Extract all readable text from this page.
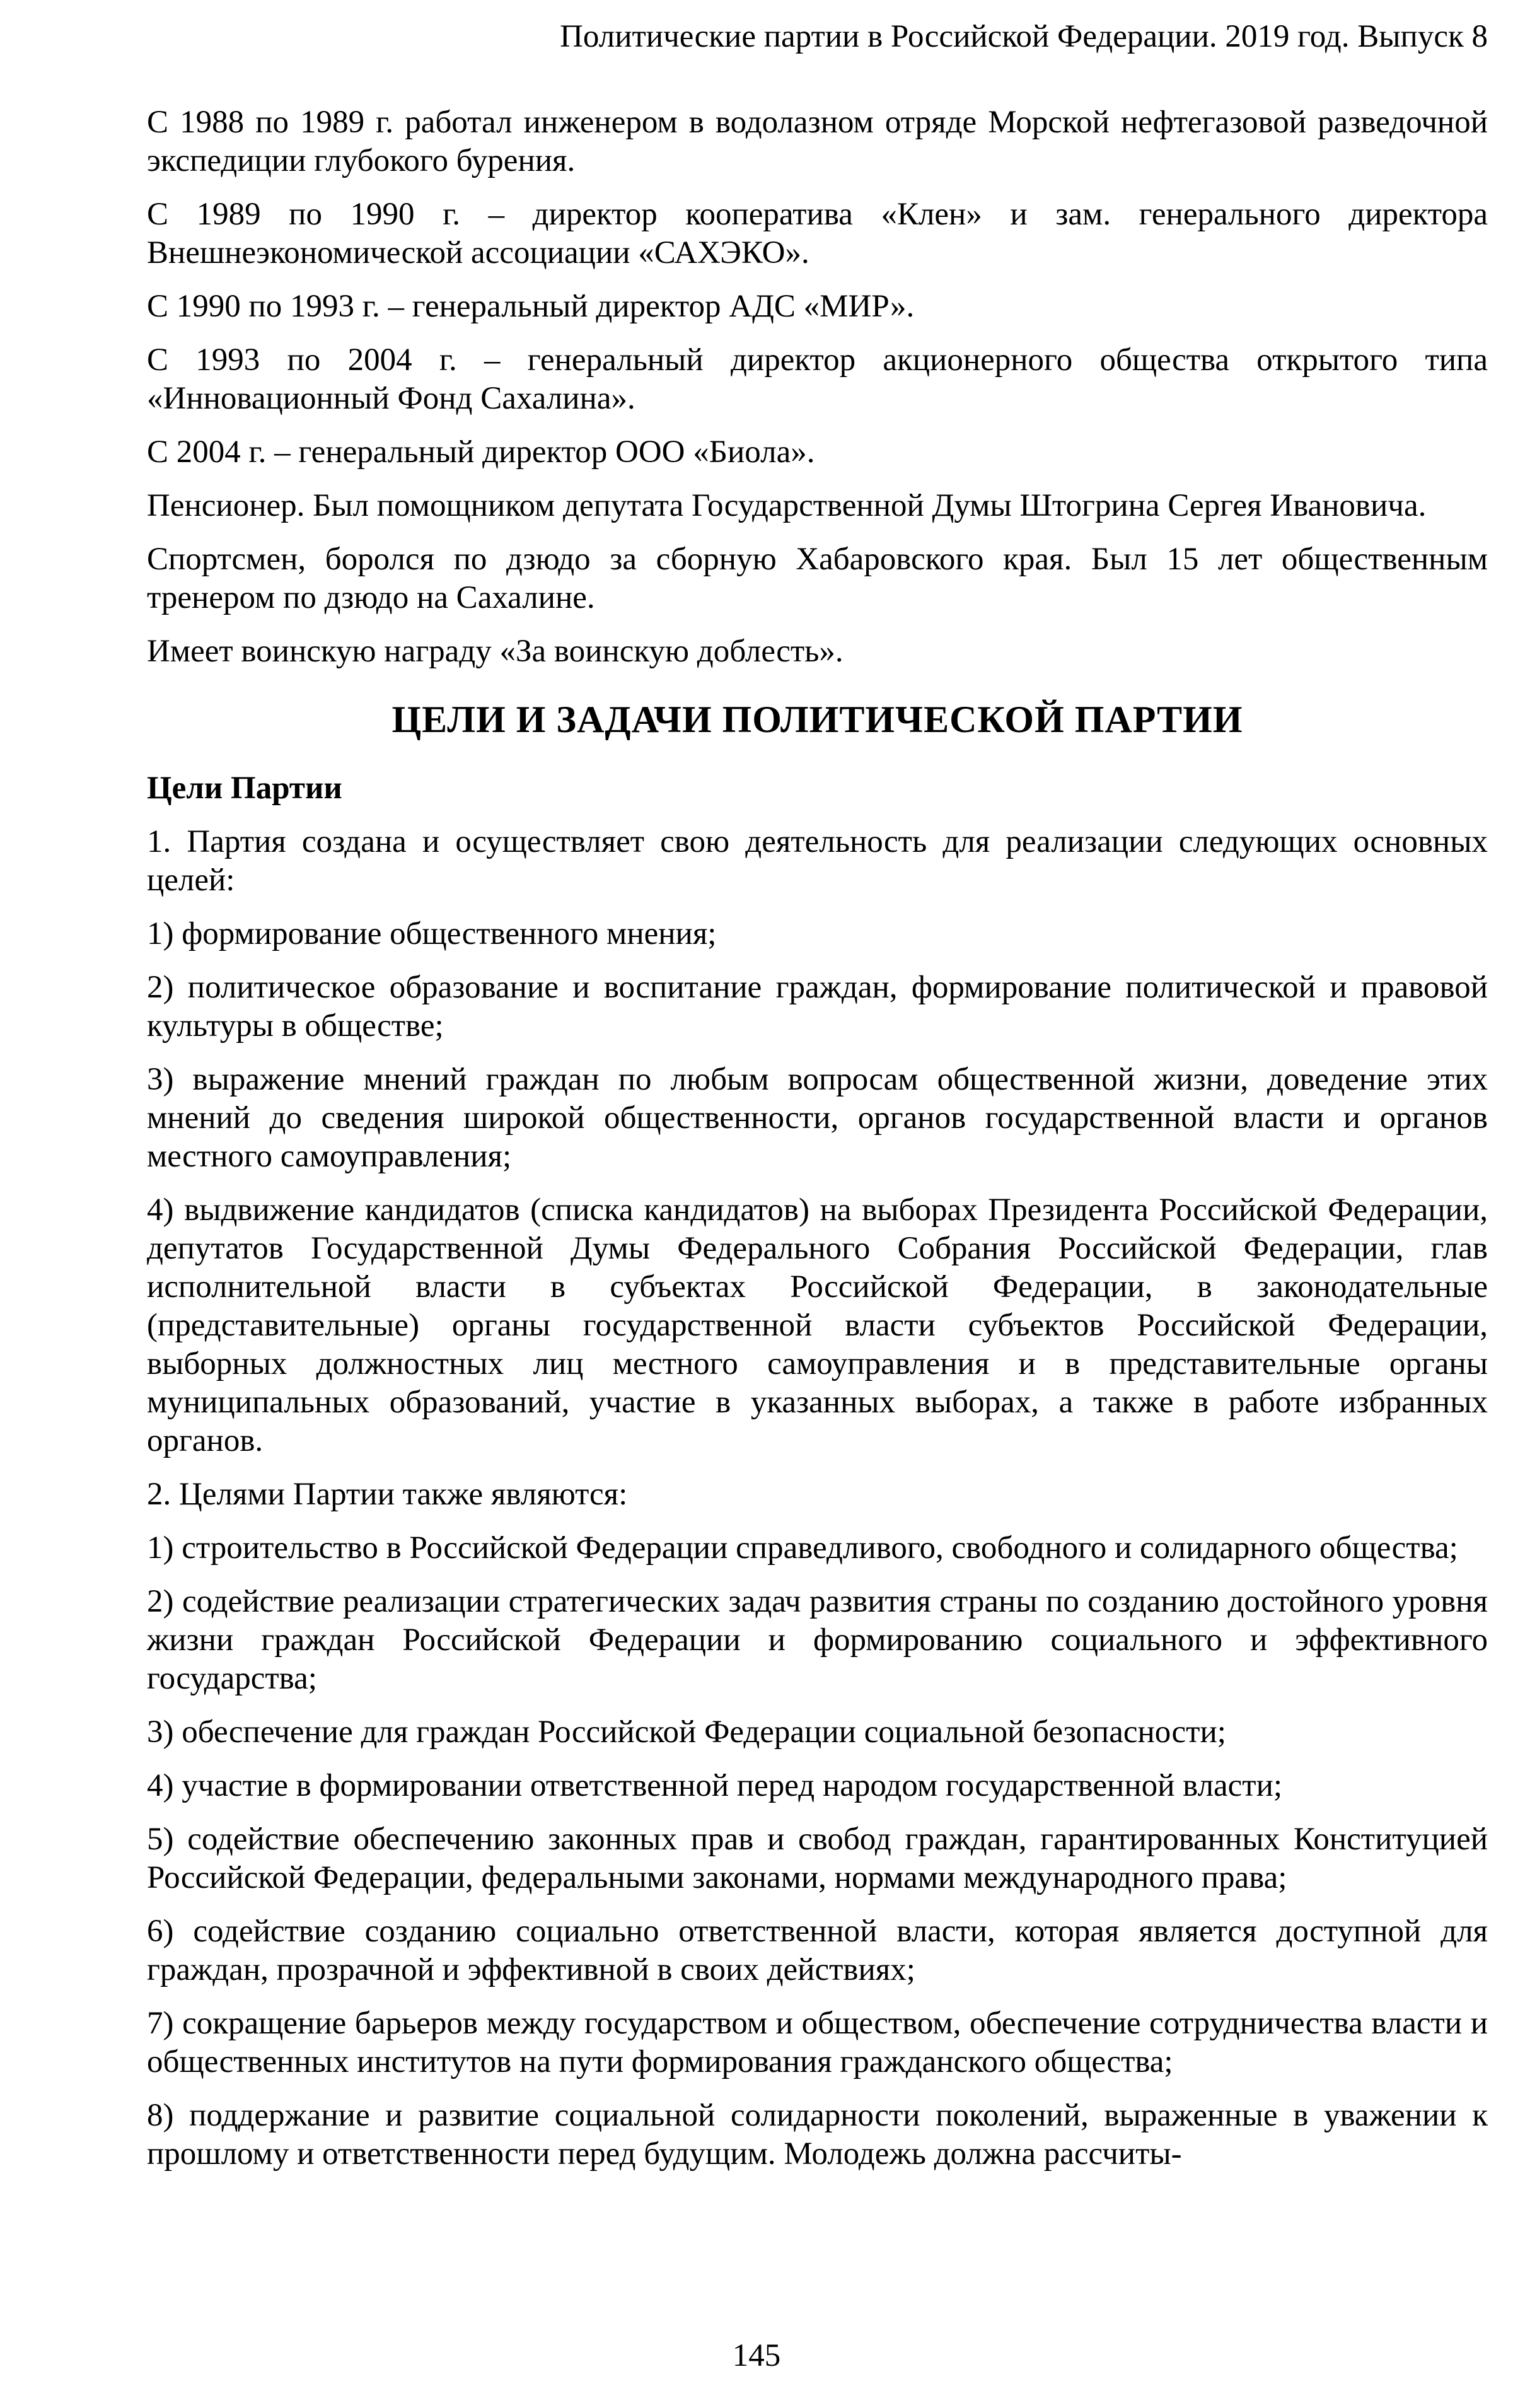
Политические партии в Российской Федерации. 2019 год. Выпуск 8

С 1988 по 1989 г. работал инженером в водолазном отряде Морской нефтегазовой разведочной экспедиции глубокого бурения.

С 1989 по 1990 г. – директор кооператива «Клен» и зам. генерального директора Внешнеэкономической ассоциации «САХЭКО».

С 1990 по 1993 г. – генеральный директор АДС «МИР».

С 1993 по 2004 г. – генеральный директор акционерного общества открытого типа «Инновационный Фонд Сахалина».

С 2004 г. – генеральный директор ООО «Биола».

Пенсионер. Был помощником депутата Государственной Думы Штогрина Сергея Ивановича.

Спортсмен, боролся по дзюдо за сборную Хабаровского края. Был 15 лет общественным тренером по дзюдо на Сахалине.

Имеет воинскую награду «За воинскую доблесть».

ЦЕЛИ И ЗАДАЧИ ПОЛИТИЧЕСКОЙ ПАРТИИ
Цели Партии

1. Партия создана и осуществляет свою деятельность для реализации следующих основных целей:

1) формирование общественного мнения;

2) политическое образование и воспитание граждан, формирование политической и правовой культуры в обществе;

3) выражение мнений граждан по любым вопросам общественной жизни, доведение этих мнений до сведения широкой общественности, органов государственной власти и органов местного самоуправления;

4) выдвижение кандидатов (списка кандидатов) на выборах Президента Российской Федерации, депутатов Государственной Думы Федерального Собрания Российской Федерации, глав исполнительной власти в субъектах Российской Федерации, в законодательные (представительные) органы государственной власти субъектов Российской Федерации, выборных должностных лиц местного самоуправления и в представительные органы муниципальных образований, участие в указанных выборах, а также в работе избранных органов.

2. Целями Партии также являются:

1) строительство в Российской Федерации справедливого, свободного и солидарного общества;

2) содействие реализации стратегических задач развития страны по созданию достойного уровня жизни граждан Российской Федерации и формированию социального и эффективного государства;

3) обеспечение для граждан Российской Федерации социальной безопасности;

4) участие в формировании ответственной перед народом государственной власти;

5) содействие обеспечению законных прав и свобод граждан, гарантированных Конституцией Российской Федерации, федеральными законами, нормами международного права;

6) содействие созданию социально ответственной власти, которая является доступной для граждан, прозрачной и эффективной в своих действиях;

7) сокращение барьеров между государством и обществом, обеспечение сотрудничества власти и общественных институтов на пути формирования гражданского общества;

8) поддержание и развитие социальной солидарности поколений, выраженные в уважении к прошлому и ответственности перед будущим. Молодежь должна рассчиты-

145
